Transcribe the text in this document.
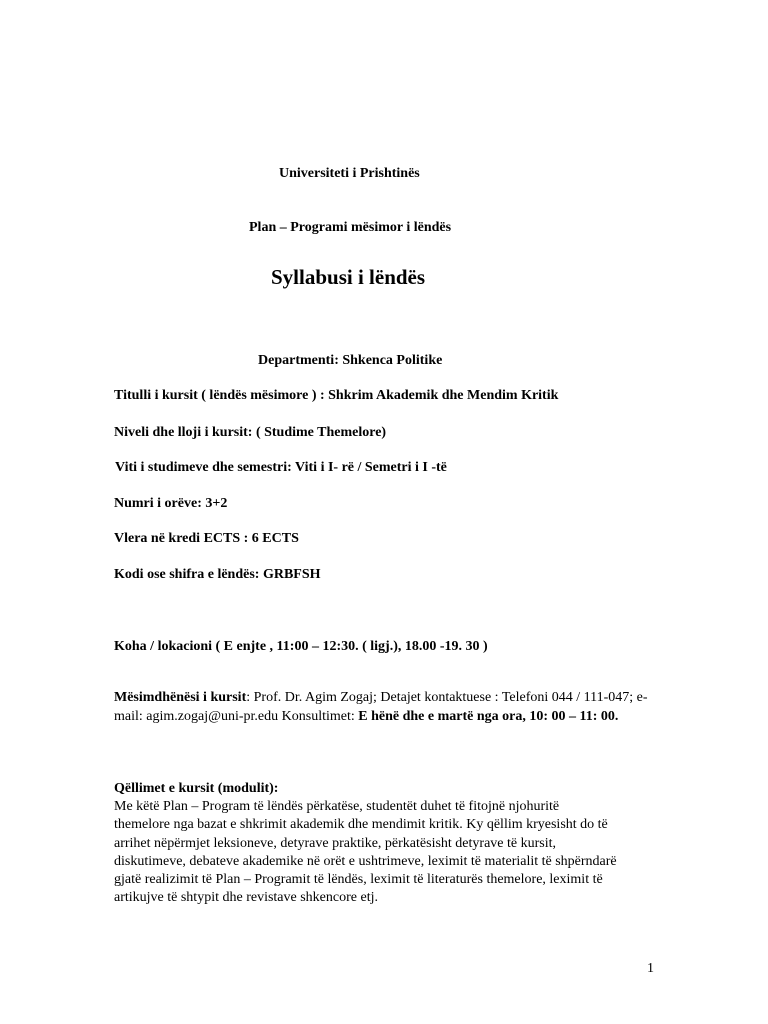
Universiteti i Prishtinës
Plan – Programi mësimor i lëndës
Syllabusi i lëndës
Departmenti: Shkenca Politike
Titulli i kursit ( lëndës mësimore ) : Shkrim Akademik dhe Mendim Kritik
Niveli dhe lloji i kursit: ( Studime Themelore)
Viti i studimeve dhe semestri: Viti i I- rë / Semetri i I -të
Numri i orëve: 3+2
Vlera në kredi ECTS : 6 ECTS
Kodi ose shifra e lëndës: GRBFSH
Koha / lokacioni ( E enjte , 11:00 – 12:30. ( ligj.), 18.00 -19. 30 )
Mësimdhënësi i kursit: Prof. Dr. Agim Zogaj; Detajet kontaktuese : Telefoni 044 / 111-047; e-mail: agim.zogaj@uni-pr.edu Konsultimet: E hënë dhe e martë nga ora, 10: 00 – 11: 00.
Qëllimet e kursit (modulit):
Me këtë Plan – Program të lëndës përkatëse, studentët duhet të fitojnë njohuritë
themelore nga bazat e shkrimit akademik dhe mendimit kritik. Ky qëllim kryesisht do të
arrihet nëpërmjet leksioneve, detyrave praktike, përkatësisht detyrave të kursit,
diskutimeve, debateve akademike në orët e ushtrimeve, leximit të materialit të shpërndarë
gjatë realizimit të Plan – Programit të lëndës, leximit të literaturës themelore, leximit të
artikujve të shtypit dhe revistave shkencore etj.
1
